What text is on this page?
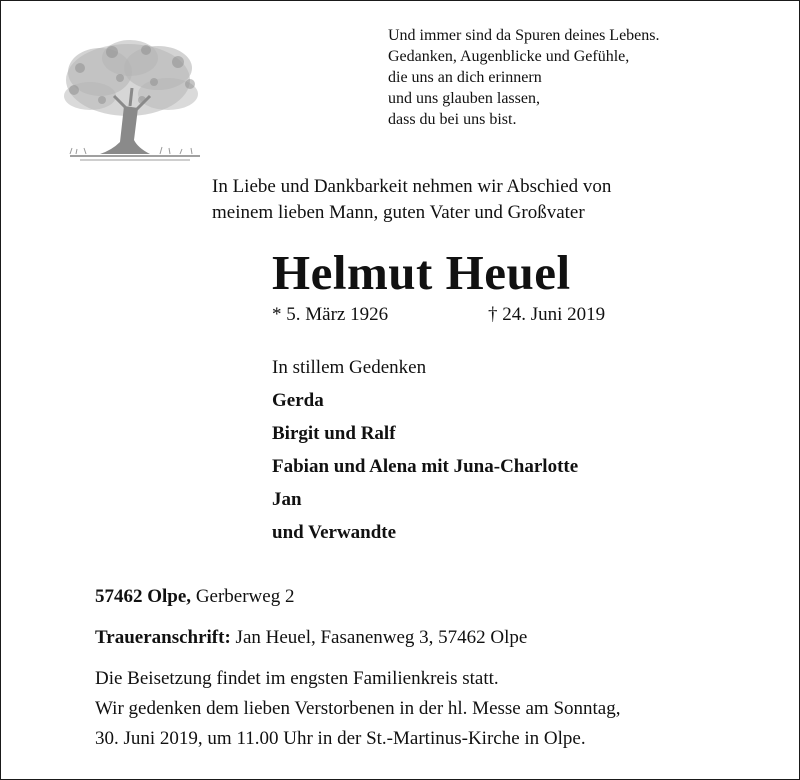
Und immer sind da Spuren deines Lebens.
Gedanken, Augenblicke und Gefühle,
die uns an dich erinnern
und uns glauben lassen,
dass du bei uns bist.
In Liebe und Dankbarkeit nehmen wir Abschied von
meinem lieben Mann, guten Vater und Großvater
Helmut Heuel
* 5. März 1926	† 24. Juni 2019
In stillem Gedenken
Gerda
Birgit und Ralf
Fabian und Alena mit Juna-Charlotte
Jan
und Verwandte
57462 Olpe, Gerberweg 2
Traueranschrift: Jan Heuel, Fasanenweg 3, 57462 Olpe
Die Beisetzung findet im engsten Familienkreis statt.
Wir gedenken dem lieben Verstorbenen in der hl. Messe am Sonntag,
30. Juni 2019, um 11.00 Uhr in der St.-Martinus-Kirche in Olpe.
